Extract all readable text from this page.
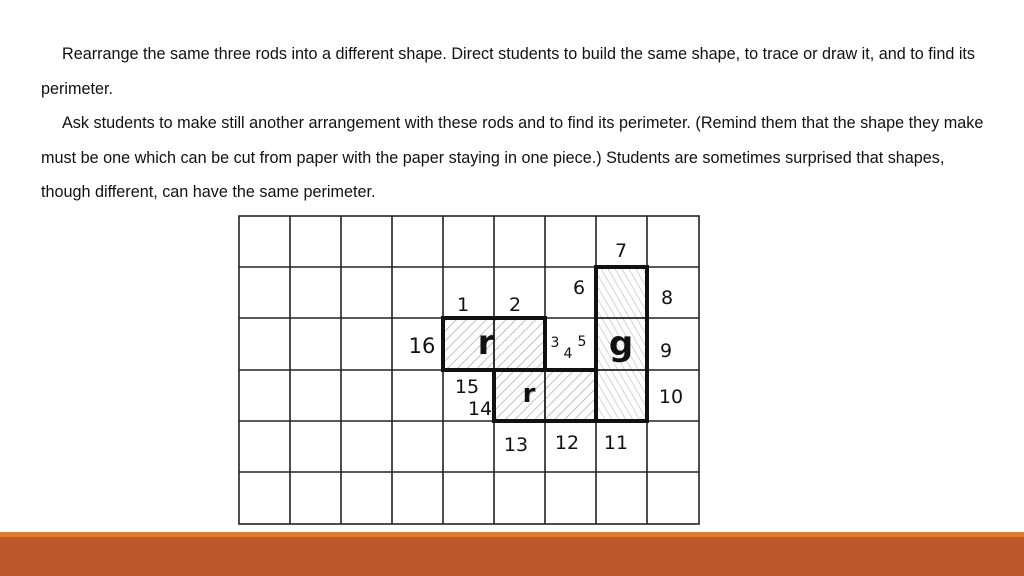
Rearrange the same three rods into a different shape. Direct students to build the same shape, to trace or draw it, and to find its perimeter.

Ask students to make still another arrangement with these rods and to find its perimeter. (Remind them that the shape they make must be one which can be cut from paper with the paper staying in one piece.) Students are sometimes surprised that shapes, though different, can have the same perimeter.

r
r
g
1 2
3
4
5
6
7
8
9
10
11
12
13
14
15
16
